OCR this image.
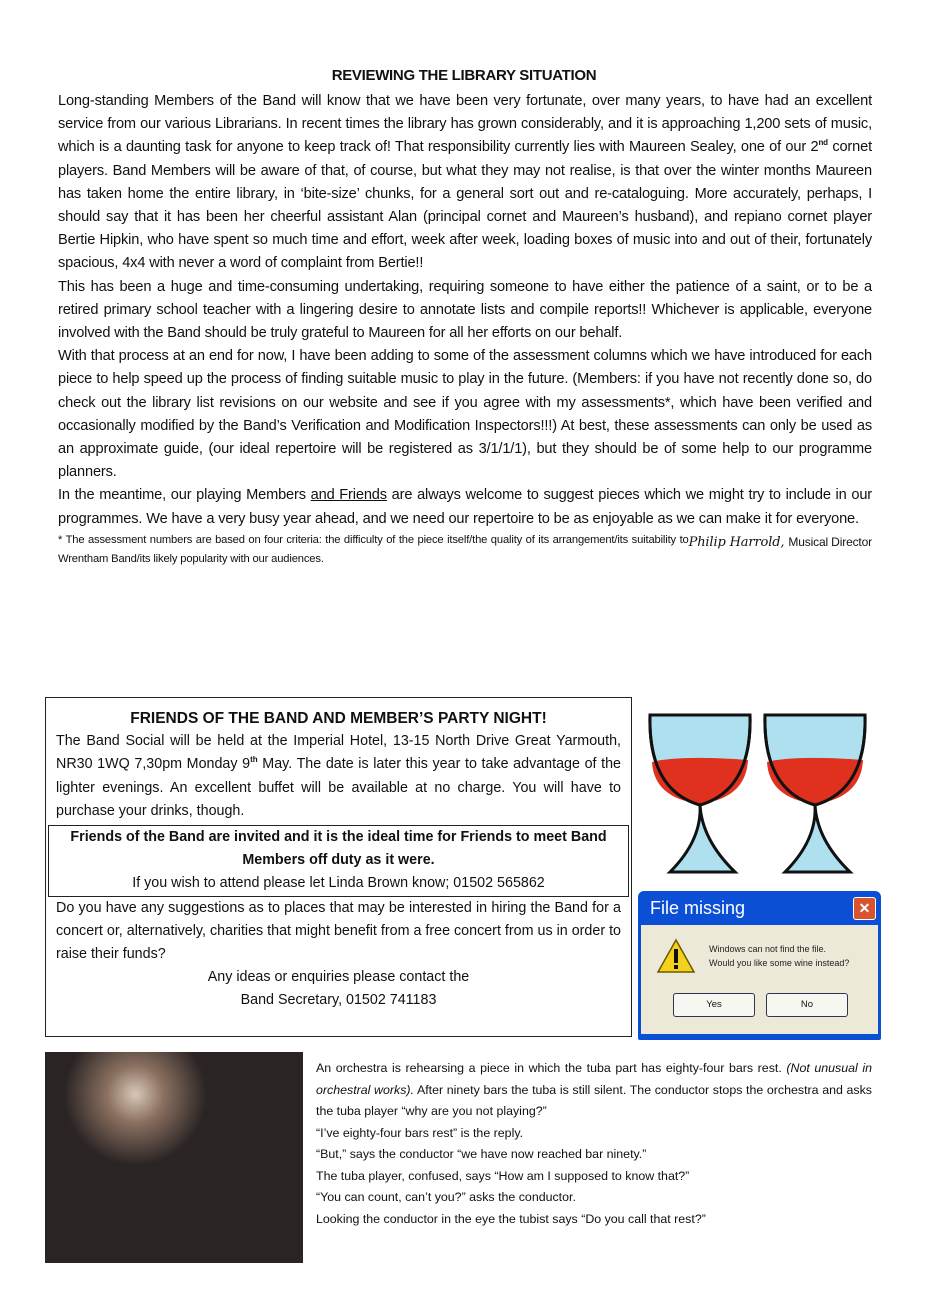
REVIEWING THE LIBRARY SITUATION

Long-standing Members of the Band will know that we have been very fortunate, over many years, to have had an excellent service from our various Librarians. In recent times the library has grown considerably, and it is approaching 1,200 sets of music, which is a daunting task for anyone to keep track of! That responsibility currently lies with Maureen Sealey, one of our 2nd cornet players. Band Members will be aware of that, of course, but what they may not realise, is that over the winter months Maureen has taken home the entire library, in ‘bite-size’ chunks, for a general sort out and re-cataloguing. More accurately, perhaps, I should say that it has been her cheerful assistant Alan (principal cornet and Maureen’s husband), and repiano cornet player Bertie Hipkin, who have spent so much time and effort, week after week, loading boxes of music into and out of their, fortunately spacious, 4x4 with never a word of complaint from Bertie!!

This has been a huge and time-consuming undertaking, requiring someone to have either the patience of a saint, or to be a retired primary school teacher with a lingering desire to annotate lists and compile reports!! Whichever is applicable, everyone involved with the Band should be truly grateful to Maureen for all her efforts on our behalf.

With that process at an end for now, I have been adding to some of the assessment columns which we have introduced for each piece to help speed up the process of finding suitable music to play in the future. (Members: if you have not recently done so, do check out the library list revisions on our website and see if you agree with my assessments*, which have been verified and occasionally modified by the Band’s Verification and Modification Inspectors!!!) At best, these assessments can only be used as an approximate guide, (our ideal repertoire will be registered as 3/1/1/1), but they should be of some help to our programme planners.

In the meantime, our playing Members and Friends are always welcome to suggest pieces which we might try to include in our programmes. We have a very busy year ahead, and we need our repertoire to be as enjoyable as we can make it for everyone.
Philip Harrold, Musical Director

* The assessment numbers are based on four criteria: the difficulty of the piece itself/the quality of its arrangement/its suitability to Wrentham Band/its likely popularity with our audiences.

FRIENDS OF THE BAND AND MEMBER’S PARTY NIGHT!
The Band Social will be held at the Imperial Hotel, 13-15 North Drive Great Yarmouth, NR30 1WQ 7,30pm Monday 9th May. The date is later this year to take advantage of the lighter evenings. An excellent buffet will be available at no charge. You will have to purchase your drinks, though.
Friends of the Band are invited and it is the ideal time for Friends to meet Band Members off duty as it were.
If you wish to attend please let Linda Brown know; 01502 565862
Do you have any suggestions as to places that may be interested in hiring the Band for a concert or, alternatively, charities that might benefit from a free concert from us in order to raise their funds?
Any ideas or enquiries please contact the
Band Secretary, 01502 741183
File missing	✕
Windows can not find the file.
Would you like some wine instead?
Yes	No

An orchestra is rehearsing a piece in which the tuba part has eighty-four bars rest. (Not unusual in orchestral works). After ninety bars the tuba is still silent. The conductor stops the orchestra and asks the tuba player “why are you not playing?”

“I’ve eighty-four bars rest” is the reply.

“But,” says the conductor “we have now reached bar ninety.”

The tuba player, confused, says “How am I supposed to know that?”

“You can count, can’t you?” asks the conductor.

Looking the conductor in the eye the tubist says “Do you call that rest?”
